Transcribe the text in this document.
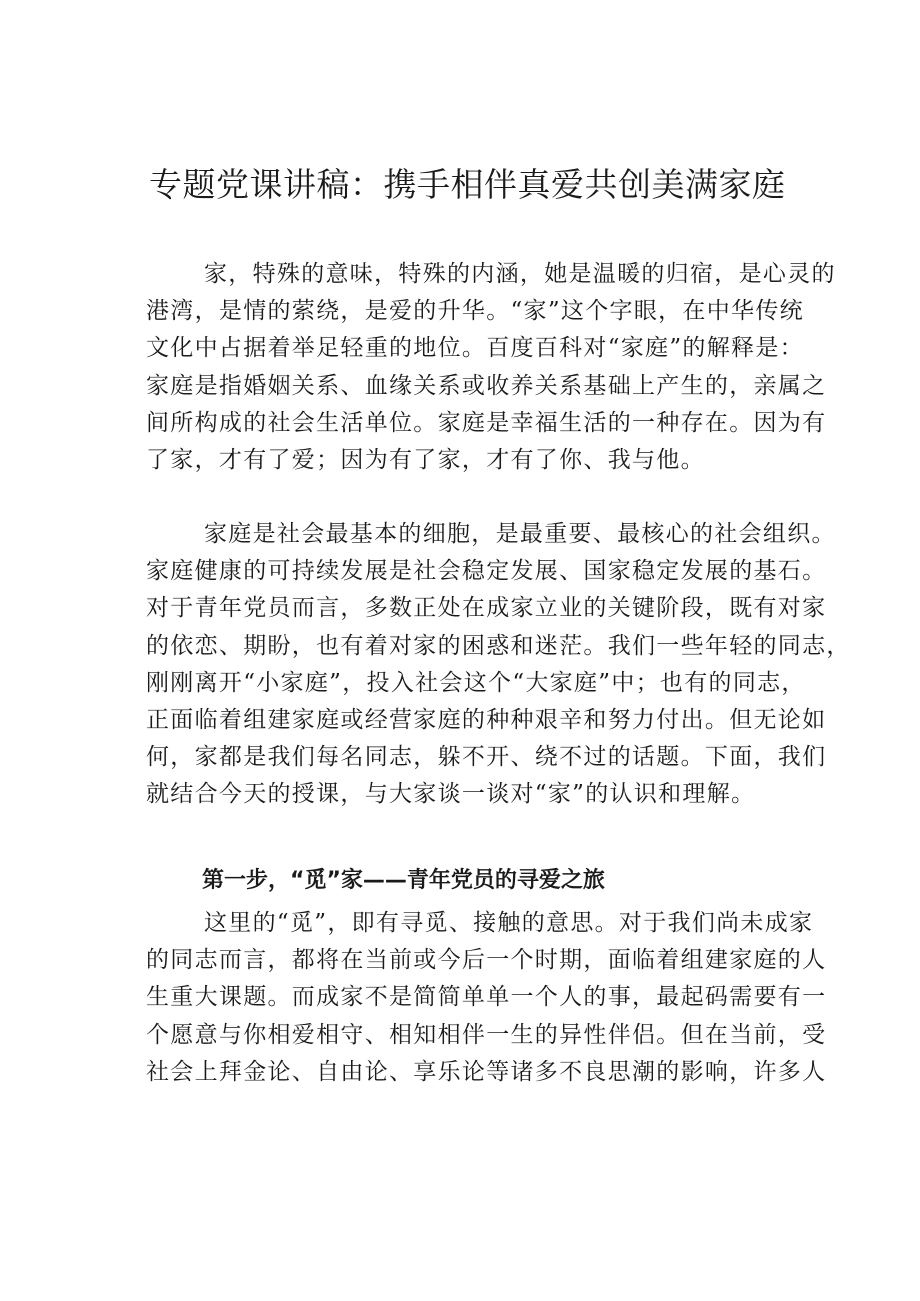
专题党课讲稿：携手相伴真爱共创美满家庭
家，特殊的意味，特殊的内涵，她是温暖的归宿，是心灵的
港湾，是情的萦绕，是爱的升华。“家”这个字眼，在中华传统
文化中占据着举足轻重的地位。百度百科对“家庭”的解释是：
家庭是指婚姻关系、血缘关系或收养关系基础上产生的，亲属之
间所构成的社会生活单位。家庭是幸福生活的一种存在。因为有
了家，才有了爱；因为有了家，才有了你、我与他。
家庭是社会最基本的细胞，是最重要、最核心的社会组织。
家庭健康的可持续发展是社会稳定发展、国家稳定发展的基石。
对于青年党员而言，多数正处在成家立业的关键阶段，既有对家
的依恋、期盼，也有着对家的困惑和迷茫。我们一些年轻的同志，
刚刚离开“小家庭”，投入社会这个“大家庭”中；也有的同志，
正面临着组建家庭或经营家庭的种种艰辛和努力付出。但无论如
何，家都是我们每名同志，躲不开、绕不过的话题。下面，我们
就结合今天的授课，与大家谈一谈对“家”的认识和理解。
第一步，“觅”家——青年党员的寻爱之旅
这里的“觅”，即有寻觅、接触的意思。对于我们尚未成家
的同志而言，都将在当前或今后一个时期，面临着组建家庭的人
生重大课题。而成家不是简简单单一个人的事，最起码需要有一
个愿意与你相爱相守、相知相伴一生的异性伴侣。但在当前，受
社会上拜金论、自由论、享乐论等诸多不良思潮的影响，许多人
